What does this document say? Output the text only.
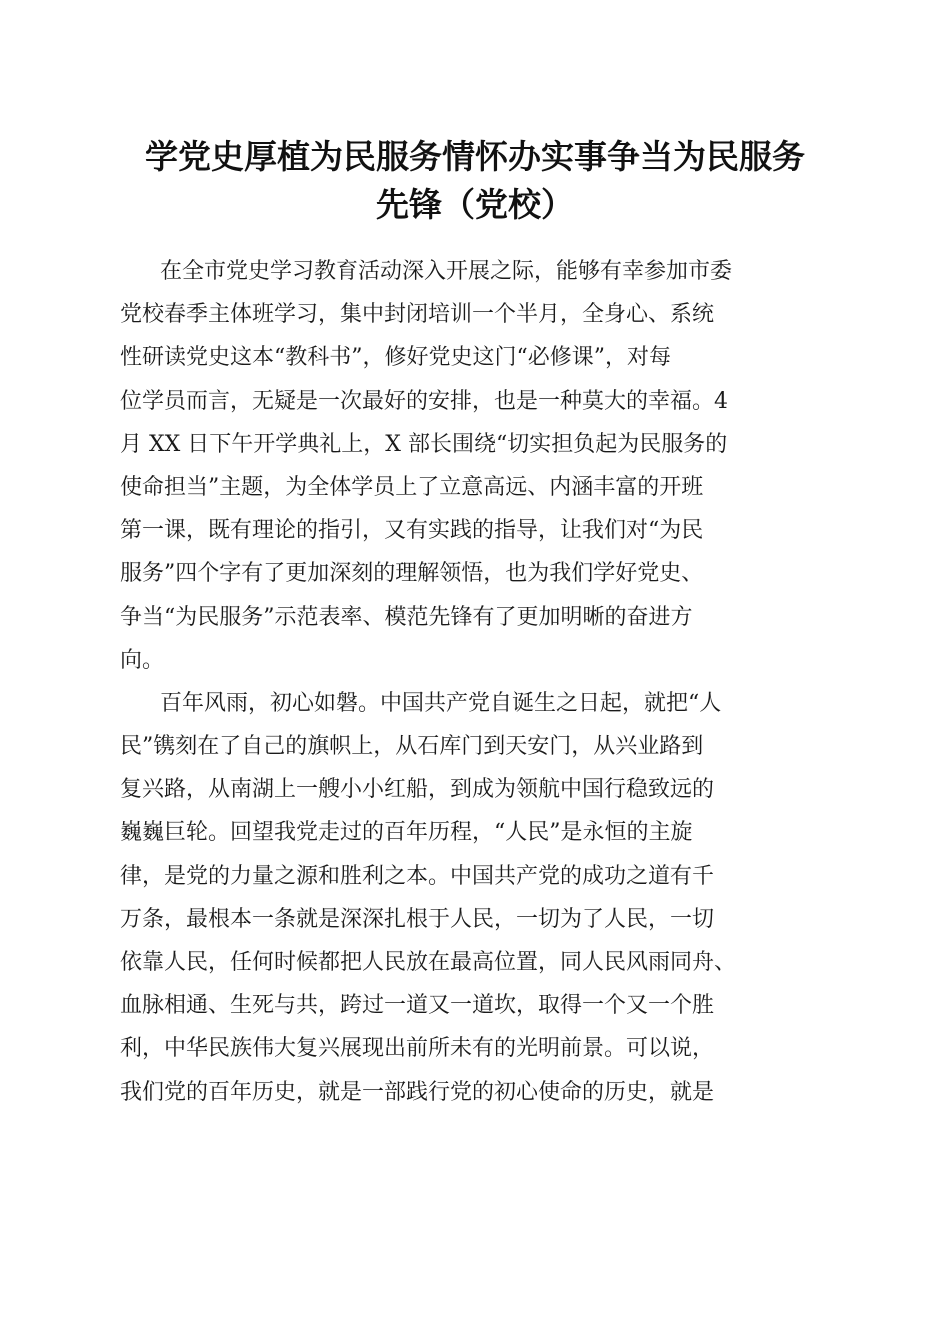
学党史厚植为民服务情怀办实事争当为民服务
先锋（党校）
在全市党史学习教育活动深入开展之际，能够有幸参加市委
党校春季主体班学习，集中封闭培训一个半月，全身心、系统
性研读党史这本“教科书”，修好党史这门“必修课”，对每
位学员而言，无疑是一次最好的安排，也是一种莫大的幸福。4
月 XX 日下午开学典礼上，X 部长围绕“切实担负起为民服务的
使命担当”主题，为全体学员上了立意高远、内涵丰富的开班
第一课，既有理论的指引，又有实践的指导，让我们对“为民
服务”四个字有了更加深刻的理解领悟，也为我们学好党史、
争当“为民服务”示范表率、模范先锋有了更加明晰的奋进方
向。
百年风雨，初心如磐。中国共产党自诞生之日起，就把“人
民”镌刻在了自己的旗帜上，从石库门到天安门，从兴业路到
复兴路，从南湖上一艘小小红船，到成为领航中国行稳致远的
巍巍巨轮。回望我党走过的百年历程，“人民”是永恒的主旋
律，是党的力量之源和胜利之本。中国共产党的成功之道有千
万条，最根本一条就是深深扎根于人民，一切为了人民，一切
依靠人民，任何时候都把人民放在最高位置，同人民风雨同舟、
血脉相通、生死与共，跨过一道又一道坎，取得一个又一个胜
利，中华民族伟大复兴展现出前所未有的光明前景。可以说，
我们党的百年历史，就是一部践行党的初心使命的历史，就是
